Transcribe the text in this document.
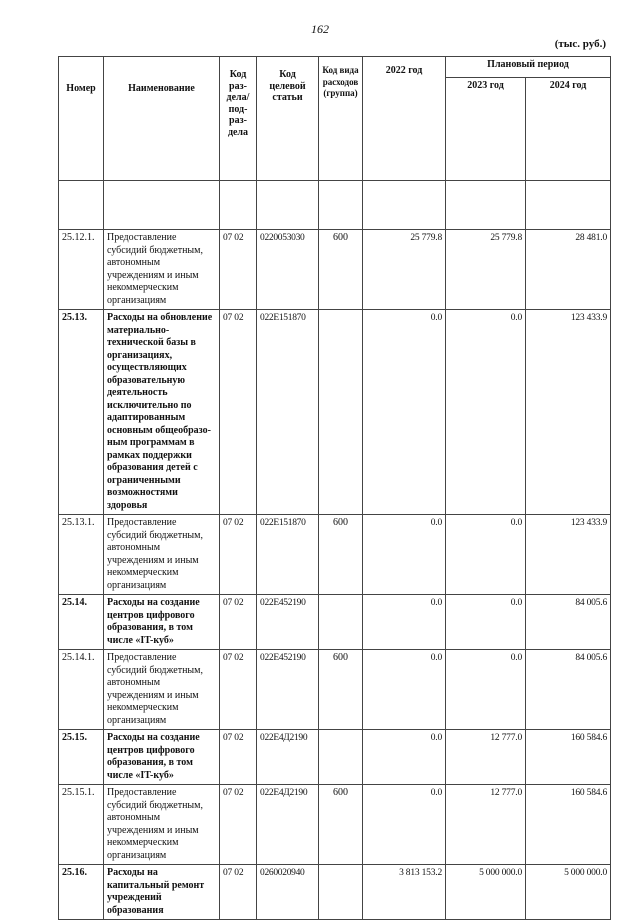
162
(тыс. руб.)
Номер	Наименование	Код раз-дела/ под-раз-дела	Код целевой статьи	Код вида расходов (группа)	2022 год	Плановый период	
						2023 год	2024 год

25.12.1.	Предоставление субсидий бюджетным, автономным учреждениям и иным некоммерческим организациям	07 02	0220053030	600	25 779.8	25 779.8	28 481.0
25.13.	Расходы на обновление материально-технической базы в организациях, осуществляющих образовательную деятельность исключительно по адаптированным основным общеобразо-ным программам в рамках поддержки образования детей с ограниченными возможностями здоровья	07 02	022Е151870		0.0	0.0	123 433.9
25.13.1.	Предоставление субсидий бюджетным, автономным учреждениям и иным некоммерческим организациям	07 02	022Е151870	600	0.0	0.0	123 433.9
25.14.	Расходы на создание центров цифрового образования, в том числе «IT-куб»	07 02	022Е452190		0.0	0.0	84 005.6
25.14.1.	Предоставление субсидий бюджетным, автономным учреждениям и иным некоммерческим организациям	07 02	022Е452190	600	0.0	0.0	84 005.6
25.15.	Расходы на создание центров цифрового образования, в том числе «IT-куб»	07 02	022Е4Д2190		0.0	12 777.0	160 584.6
25.15.1.	Предоставление субсидий бюджетным, автономным учреждениям и иным некоммерческим организациям	07 02	022Е4Д2190	600	0.0	12 777.0	160 584.6
25.16.	Расходы на капитальный ремонт учреждений образования	07 02	0260020940		3 813 153.2	5 000 000.0	5 000 000.0
